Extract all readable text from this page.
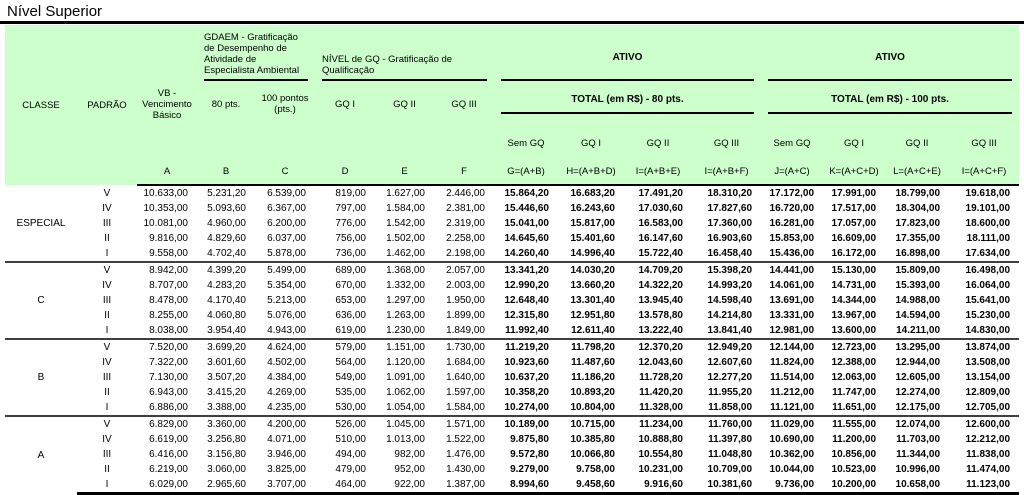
Nível Superior
CLASSE	PADRÃO		GDAEM - Gratificação de Desempenho de Atividade de Especialista Ambiental		NÍVEL de GQ - Gratificação de Qualificação			ATIVO				ATIVO			

		VB - Vencimento Básico	80 pts.	100 pontos (pts.)	GQ I	GQ II	GQ III	TOTAL (em R$) - 80 pts.				TOTAL (em R$) - 100 pts.			

								Sem GQ	GQ I	GQ II	GQ III	Sem GQ	GQ I	GQ II	GQ III
		A	B	C	D	E	F	G=(A+B)	H=(A+B+D)	I=(A+B+E)	I=(A+B+F)	J=(A+C)	K=(A+C+D)	L=(A+C+E)	I=(A+C+F)
ESPECIAL	V	10.633,00	5.231,20	6.539,00	819,00	1.627,00	2.446,00	15.864,20	16.683,20	17.491,20	18.310,20	17.172,00	17.991,00	18.799,00	19.618,00
	IV	10.353,00	5.093,60	6.367,00	797,00	1.584,00	2.381,00	15.446,60	16.243,60	17.030,60	17.827,60	16.720,00	17.517,00	18.304,00	19.101,00
	III	10.081,00	4.960,00	6.200,00	776,00	1.542,00	2.319,00	15.041,00	15.817,00	16.583,00	17.360,00	16.281,00	17.057,00	17.823,00	18.600,00
	II	9.816,00	4.829,60	6.037,00	756,00	1.502,00	2.258,00	14.645,60	15.401,60	16.147,60	16.903,60	15.853,00	16.609,00	17.355,00	18.111,00
	I	9.558,00	4.702,40	5.878,00	736,00	1.462,00	2.198,00	14.260,40	14.996,40	15.722,40	16.458,40	15.436,00	16.172,00	16.898,00	17.634,00
C	V	8.942,00	4.399,20	5.499,00	689,00	1.368,00	2.057,00	13.341,20	14.030,20	14.709,20	15.398,20	14.441,00	15.130,00	15.809,00	16.498,00
	IV	8.707,00	4.283,20	5.354,00	670,00	1.332,00	2.003,00	12.990,20	13.660,20	14.322,20	14.993,20	14.061,00	14.731,00	15.393,00	16.064,00
	III	8.478,00	4.170,40	5.213,00	653,00	1.297,00	1.950,00	12.648,40	13.301,40	13.945,40	14.598,40	13.691,00	14.344,00	14.988,00	15.641,00
	II	8.255,00	4.060,80	5.076,00	636,00	1.263,00	1.899,00	12.315,80	12.951,80	13.578,80	14.214,80	13.331,00	13.967,00	14.594,00	15.230,00
	I	8.038,00	3.954,40	4.943,00	619,00	1.230,00	1.849,00	11.992,40	12.611,40	13.222,40	13.841,40	12.981,00	13.600,00	14.211,00	14.830,00
B	V	7.520,00	3.699,20	4.624,00	579,00	1.151,00	1.730,00	11.219,20	11.798,20	12.370,20	12.949,20	12.144,00	12.723,00	13.295,00	13.874,00
	IV	7.322,00	3.601,60	4.502,00	564,00	1.120,00	1.684,00	10.923,60	11.487,60	12.043,60	12.607,60	11.824,00	12.388,00	12.944,00	13.508,00
	III	7.130,00	3.507,20	4.384,00	549,00	1.091,00	1.640,00	10.637,20	11.186,20	11.728,20	12.277,20	11.514,00	12.063,00	12.605,00	13.154,00
	II	6.943,00	3.415,20	4.269,00	535,00	1.062,00	1.597,00	10.358,20	10.893,20	11.420,20	11.955,20	11.212,00	11.747,00	12.274,00	12.809,00
	I	6.886,00	3.388,00	4.235,00	530,00	1.054,00	1.584,00	10.274,00	10.804,00	11.328,00	11.858,00	11.121,00	11.651,00	12.175,00	12.705,00
A	V	6.829,00	3.360,00	4.200,00	526,00	1.045,00	1.571,00	10.189,00	10.715,00	11.234,00	11.760,00	11.029,00	11.555,00	12.074,00	12.600,00
	IV	6.619,00	3.256,80	4.071,00	510,00	1.013,00	1.522,00	9.875,80	10.385,80	10.888,80	11.397,80	10.690,00	11.200,00	11.703,00	12.212,00
	III	6.416,00	3.156,80	3.946,00	494,00	982,00	1.476,00	9.572,80	10.066,80	10.554,80	11.048,80	10.362,00	10.856,00	11.344,00	11.838,00
	II	6.219,00	3.060,00	3.825,00	479,00	952,00	1.430,00	9.279,00	9.758,00	10.231,00	10.709,00	10.044,00	10.523,00	10.996,00	11.474,00
	I	6.029,00	2.965,60	3.707,00	464,00	922,00	1.387,00	8.994,60	9.458,60	9.916,60	10.381,60	9.736,00	10.200,00	10.658,00	11.123,00
